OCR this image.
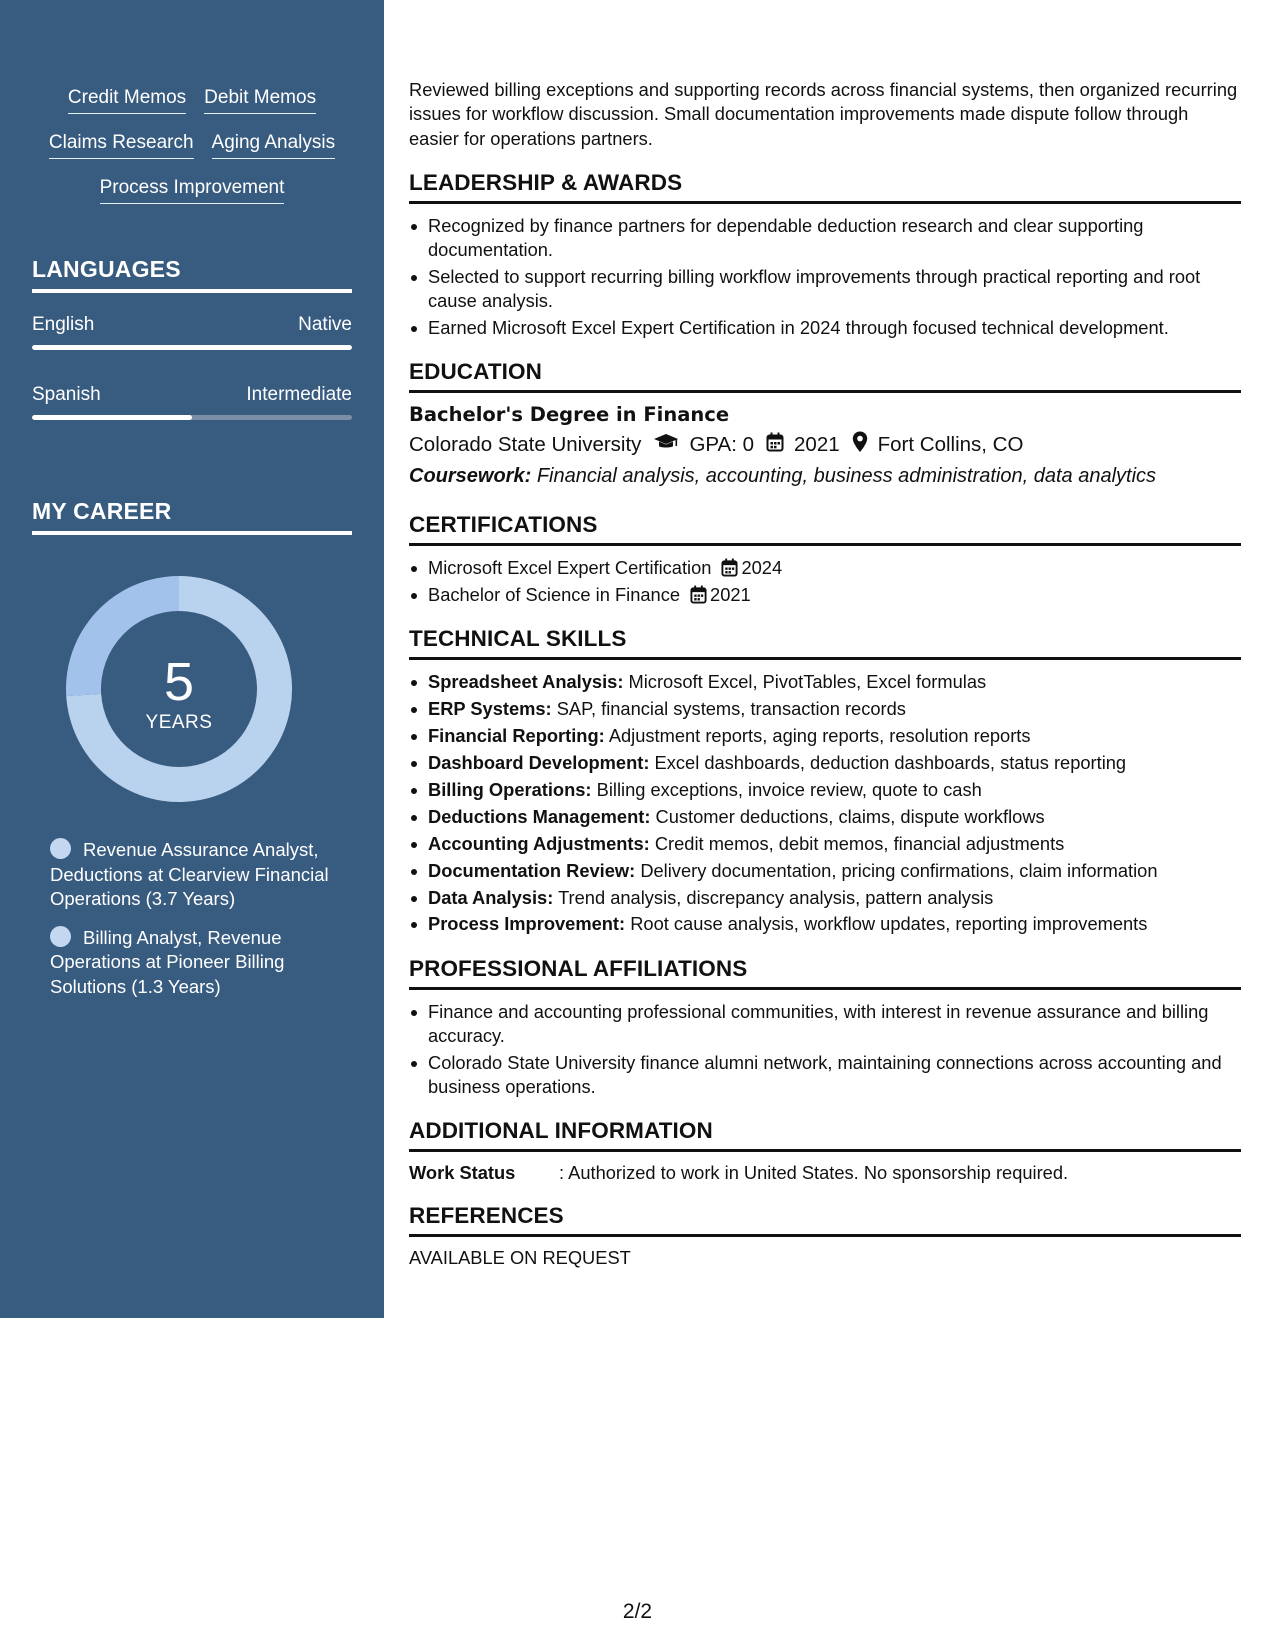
Credit Memos Debit Memos
Claims Research Aging Analysis
Process Improvement
LANGUAGES
English	Native
Spanish	Intermediate
MY CAREER
5
YEARS
Revenue Assurance Analyst, Deductions at Clearview Financial Operations (3.7 Years)
Billing Analyst, Revenue Operations at Pioneer Billing Solutions (1.3 Years)

Reviewed billing exceptions and supporting records across financial systems, then organized recurring issues for workflow discussion. Small documentation improvements made dispute follow through easier for operations partners.

LEADERSHIP & AWARDS
Recognized by finance partners for dependable deduction research and clear supporting documentation.
Selected to support recurring billing workflow improvements through practical reporting and root cause analysis.
Earned Microsoft Excel Expert Certification in 2024 through focused technical development.
EDUCATION
Bachelor's Degree in Finance
Colorado State University GPA: 0 2021 Fort Collins, CO
Coursework: Financial analysis, accounting, business administration, data analytics
CERTIFICATIONS
Microsoft Excel Expert Certification 2024
Bachelor of Science in Finance 2021
TECHNICAL SKILLS
Spreadsheet Analysis: Microsoft Excel, PivotTables, Excel formulas
ERP Systems: SAP, financial systems, transaction records
Financial Reporting: Adjustment reports, aging reports, resolution reports
Dashboard Development: Excel dashboards, deduction dashboards, status reporting
Billing Operations: Billing exceptions, invoice review, quote to cash
Deductions Management: Customer deductions, claims, dispute workflows
Accounting Adjustments: Credit memos, debit memos, financial adjustments
Documentation Review: Delivery documentation, pricing confirmations, claim information
Data Analysis: Trend analysis, discrepancy analysis, pattern analysis
Process Improvement: Root cause analysis, workflow updates, reporting improvements
PROFESSIONAL AFFILIATIONS
Finance and accounting professional communities, with interest in revenue assurance and billing accuracy.
Colorado State University finance alumni network, maintaining connections across accounting and business operations.
ADDITIONAL INFORMATION
Work Status	: Authorized to work in United States. No sponsorship required.
REFERENCES
AVAILABLE ON REQUEST
2/2
